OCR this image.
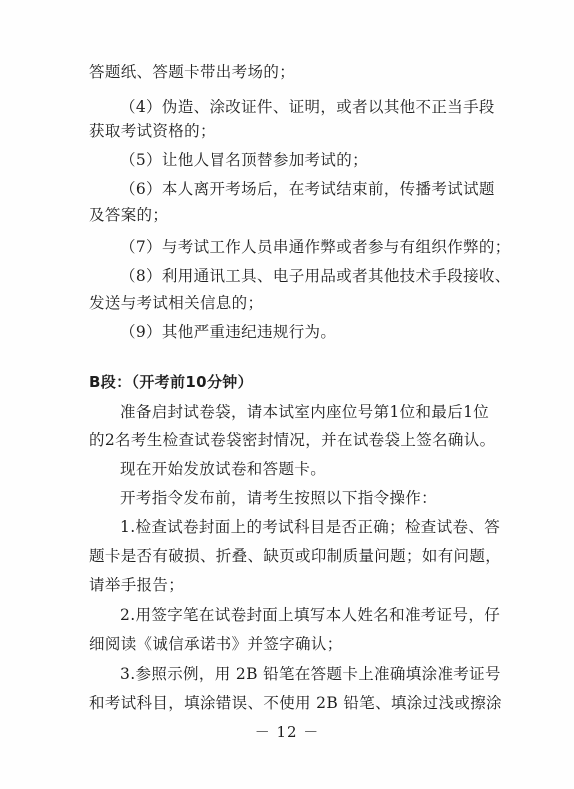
答题纸、答题卡带出考场的；
（4）伪造、涂改证件、证明，或者以其他不正当手段
获取考试资格的；
（5）让他人冒名顶替参加考试的；
（6）本人离开考场后，在考试结束前，传播考试试题
及答案的；
（7）与考试工作人员串通作弊或者参与有组织作弊的；
（8）利用通讯工具、电子用品或者其他技术手段接收、
发送与考试相关信息的；
（9）其他严重违纪违规行为。
B段：（开考前10分钟）
准备启封试卷袋，请本试室内座位号第1位和最后1位
的2名考生检查试卷袋密封情况，并在试卷袋上签名确认。
现在开始发放试卷和答题卡。
开考指令发布前，请考生按照以下指令操作：
1.检查试卷封面上的考试科目是否正确；检查试卷、答
题卡是否有破损、折叠、缺页或印制质量问题；如有问题，
请举手报告；
2.用签字笔在试卷封面上填写本人姓名和准考证号，仔
细阅读《诚信承诺书》并签字确认；
3.参照示例，用 2B 铅笔在答题卡上准确填涂准考证号
和考试科目，填涂错误、不使用 2B 铅笔、填涂过浅或擦涂
－ 12 －
